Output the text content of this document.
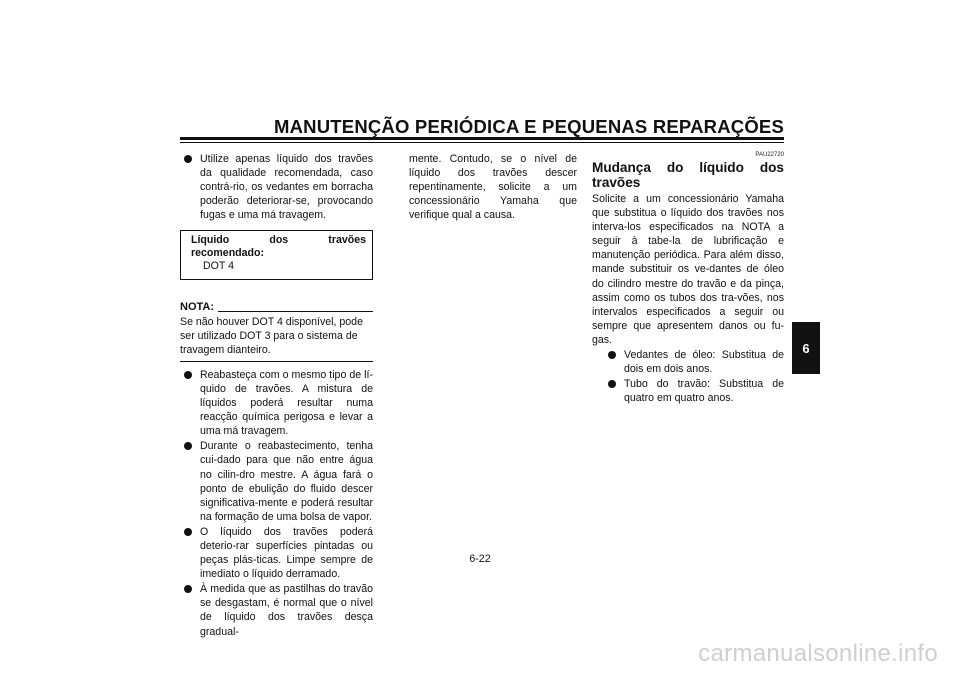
MANUTENÇÃO PERIÓDICA E PEQUENAS REPARAÇÕES
Utilize apenas líquido dos travões da qualidade recomendada, caso contrá-rio, os vedantes em borracha poderão deteriorar-se, provocando fugas e uma má travagem.
Líquido dos travões recomendado:
DOT 4
NOTA:
Se não houver DOT 4 disponível, pode ser utilizado DOT 3 para o sistema de travagem dianteiro.
Reabasteça com o mesmo tipo de lí-quido de travões. A mistura de líquidos poderá resultar numa reacção química perigosa e levar a uma má travagem.
Durante o reabastecimento, tenha cui-dado para que não entre água no cilin-dro mestre. A água fará o ponto de ebulição do fluido descer significativa-mente e poderá resultar na formação de uma bolsa de vapor.
O líquido dos travões poderá deterio-rar superfícies pintadas ou peças plás-ticas. Limpe sempre de imediato o líquido derramado.
À medida que as pastilhas do travão se desgastam, é normal que o nível de líquido dos travões desça gradual-
mente. Contudo, se o nível de líquido dos travões descer repentinamente, solicite a um concessionário Yamaha que verifique qual a causa.
PAU22720
Mudança do líquido dos travões
Solicite a um concessionário Yamaha que substitua o líquido dos travões nos interva-los especificados na NOTA a seguir à tabe-la de lubrificação e manutenção periódica. Para além disso, mande substituir os ve-dantes de óleo do cilindro mestre do travão e da pinça, assim como os tubos dos tra-vões, nos intervalos especificados a seguir ou sempre que apresentem danos ou fu-gas.
Vedantes de óleo: Substitua de dois em dois anos.
Tubo do travão: Substitua de quatro em quatro anos.
6
6-22
carmanualsonline.info
